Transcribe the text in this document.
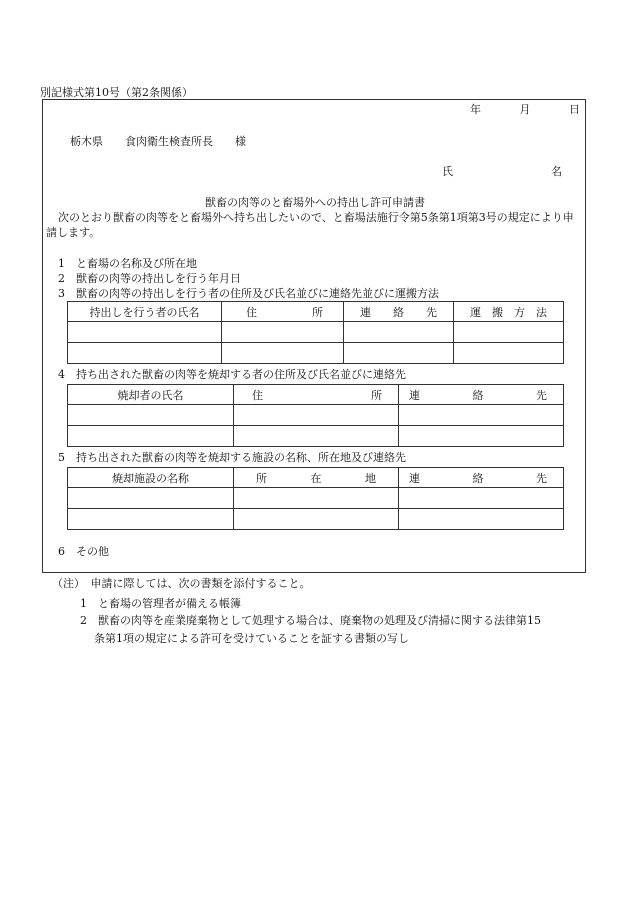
別記様式第10号（第2条関係）
年	月	日
栃木県 食肉衛生検査所長 様
氏	名
獣畜の肉等のと畜場外への持出し許可申請書
次のとおり獣畜の肉等をと畜場外へ持ち出したいので、と畜場法施行令第5条第1項第3号の規定により申請します。
1　と畜場の名称及び所在地
2　獣畜の肉等の持出しを行う年月日
3　獣畜の肉等の持出しを行う者の住所及び氏名並びに連絡先並びに運搬方法
持出しを行う者の氏名	住 所	連　　絡　　先	運　搬　方　法

4　持ち出された獣畜の肉等を焼却する者の住所及び氏名並びに連絡先
焼却者の氏名	住 所	連 絡 先

5　持ち出された獣畜の肉等を焼却する施設の名称、所在地及び連絡先
焼却施設の名称	所 在 地	連 絡 先

6　その他
（注）　申請に際しては、次の書類を添付すること。
1　と畜場の管理者が備える帳簿
2　獣畜の肉等を産業廃棄物として処理する場合は、廃棄物の処理及び清掃に関する法律第15
条第1項の規定による許可を受けていることを証する書類の写し
